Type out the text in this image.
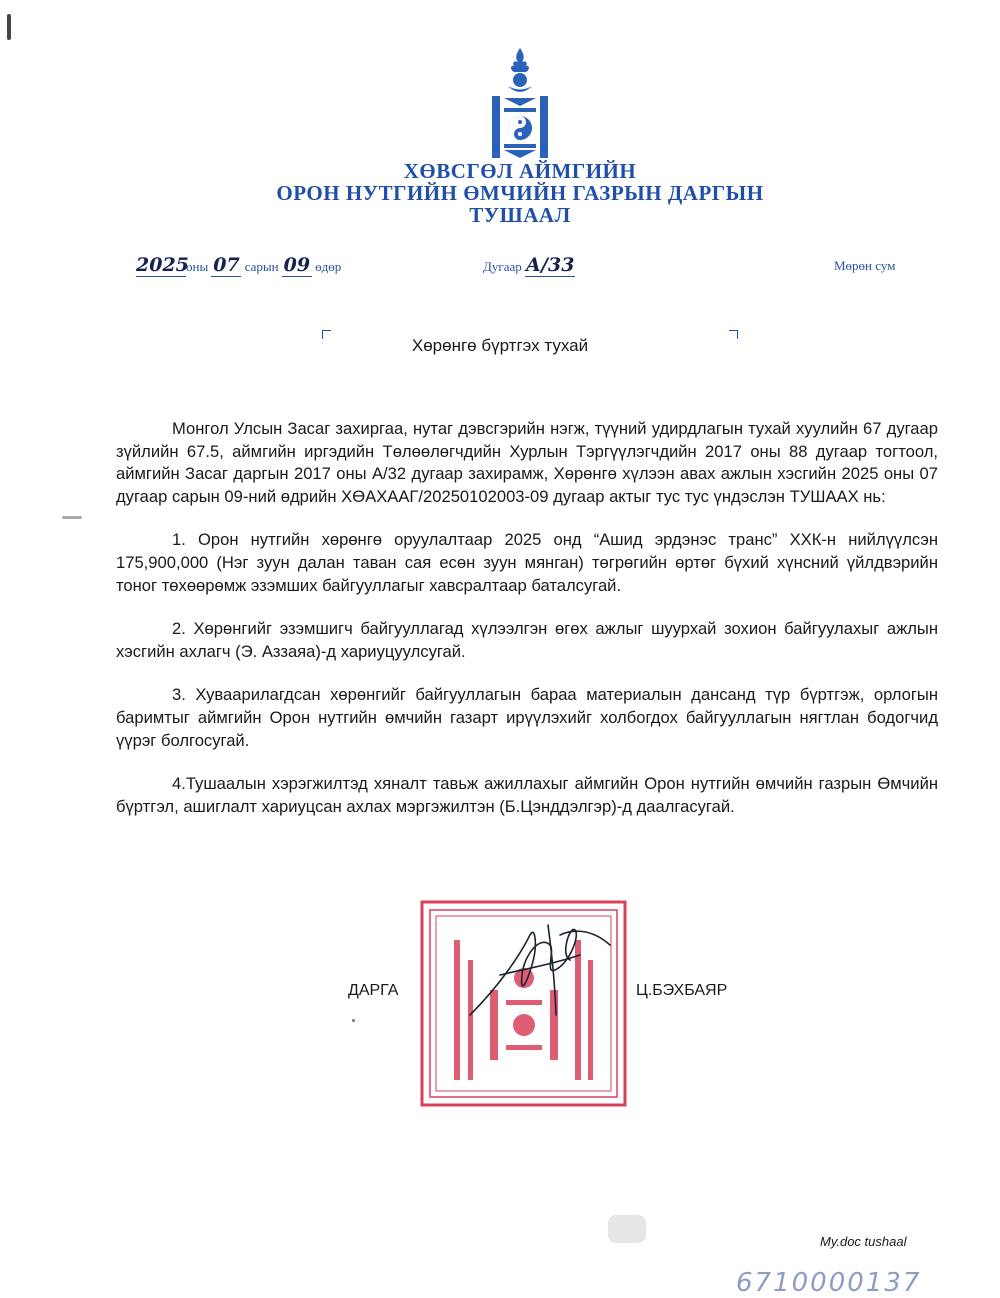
ХӨВСГӨЛ АЙМГИЙН
ОРОН НУТГИЙН ӨМЧИЙН ГАЗРЫН ДАРГЫН
ТУШААЛ
2025оны 07 сарын 09 өдөр	Дугаар А/33	Мөрөн сум
Хөрөнгө бүртгэх тухай

Монгол Улсын Засаг захиргаа, нутаг дэвсгэрийн нэгж, түүний удирдлагын тухай хуулийн 67 дугаар зүйлийн 67.5, аймгийн иргэдийн Төлөөлөгчдийн Хурлын Тэргүүлэгчдийн 2017 оны 88 дугаар тогтоол, аймгийн Засаг даргын 2017 оны А/32 дугаар захирамж, Хөрөнгө хүлээн авах ажлын хэсгийн 2025 оны 07 дугаар сарын 09-ний өдрийн ХӨАХААГ/20250102003-09 дугаар актыг тус тус үндэслэн ТУШААХ нь:

1. Орон нутгийн хөрөнгө оруулалтаар 2025 онд “Ашид эрдэнэс транс” ХХК-н нийлүүлсэн 175,900,000 (Нэг зуун далан таван сая есөн зуун мянган) төгрөгийн өртөг бүхий хүнсний үйлдвэрийн тоног төхөөрөмж эзэмших байгууллагыг хавсралтаар баталсугай.

2. Хөрөнгийг эзэмшигч байгууллагад хүлээлгэн өгөх ажлыг шуурхай зохион байгуулахыг ажлын хэсгийн ахлагч (Э. Аззаяа)-д хариуцуулсугай.

3. Хуваарилагдсан хөрөнгийг байгууллагын бараа материалын дансанд түр бүртгэж, орлогын баримтыг аймгийн Орон нутгийн өмчийн газарт ирүүлэхийг холбогдох байгууллагын нягтлан бодогчид үүрэг болгосугай.

4.Тушаалын хэрэгжилтэд хяналт тавьж ажиллахыг аймгийн Орон нутгийн өмчийн газрын Өмчийн бүртгэл, ашиглалт хариуцсан ахлах мэргэжилтэн (Б.Цэнддэлгэр)-д даалгасугай.

ДАРГА	Ц.БЭХБАЯР
My.doc tushaal
6710000137
